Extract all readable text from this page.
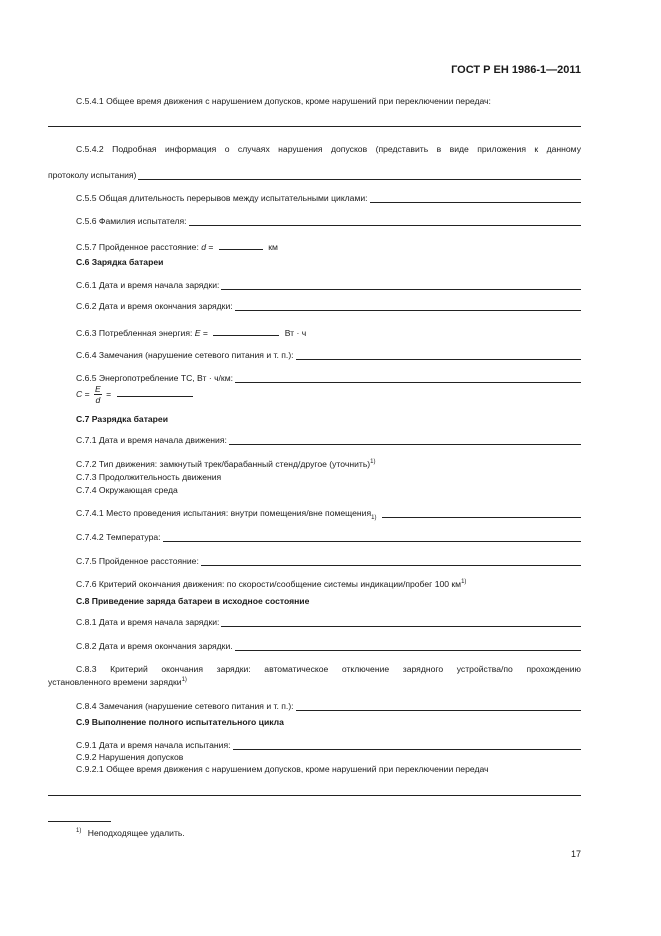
ГОСТ Р ЕН 1986-1—2011
C.5.4.1 Общее время движения с нарушением допусков, кроме нарушений при переключении передач:
C.5.4.2 Подробная информация о случаях нарушения допусков (представить в виде приложения к данному
протоколу испытания)
C.5.5 Общая длительность перерывов между испытательными циклами:
C.5.6 Фамилия испытателя:
C.5.7 Пройденное расстояние: d =	км
C.6 Зарядка батареи
C.6.1 Дата и время начала зарядки:
C.6.2 Дата и время окончания зарядки:
C.6.3 Потребленная энергия: E =	Вт · ч
C.6.4 Замечания (нарушение сетевого питания и т. п.):
C.6.5 Энергопотребление ТС, Вт · ч/км:
$C = \frac{E}{d}$ =
C.7 Разрядка батареи
C.7.1 Дата и время начала движения:
C.7.2 Тип движения: замкнутый трек/барабанный стенд/другое (уточнить)$^{1)}$
C.7.3 Продолжительность движения
C.7.4 Окружающая среда
C.7.4.1 Место проведения испытания: внутри помещения/вне помещения 1)
C.7.4.2 Температура:
C.7.5 Пройденное расстояние:
C.7.6 Критерий окончания движения: по скорости/сообщение системы индикации/пробег 100 $км^{1)}$
C.8 Приведение заряда батареи в исходное состояние
C.8.1 Дата и время начала зарядки:
C.8.2 Дата и время окончания зарядки.
C.8.3 Критерий окончания зарядки: автоматическое отключение зарядного устройства/по прохождению
установленного времени зарядки$^{1)}$
C.8.4 Замечания (нарушение сетевого питания и т. п.):
C.9 Выполнение полного испытательного цикла
C.9.1 Дата и время начала испытания:
C.9.2 Нарушения допусков
C.9.2.1 Общее время движения с нарушением допусков, кроме нарушений при переключении передач
$^{1)}$ Неподходящее удалить.
17
